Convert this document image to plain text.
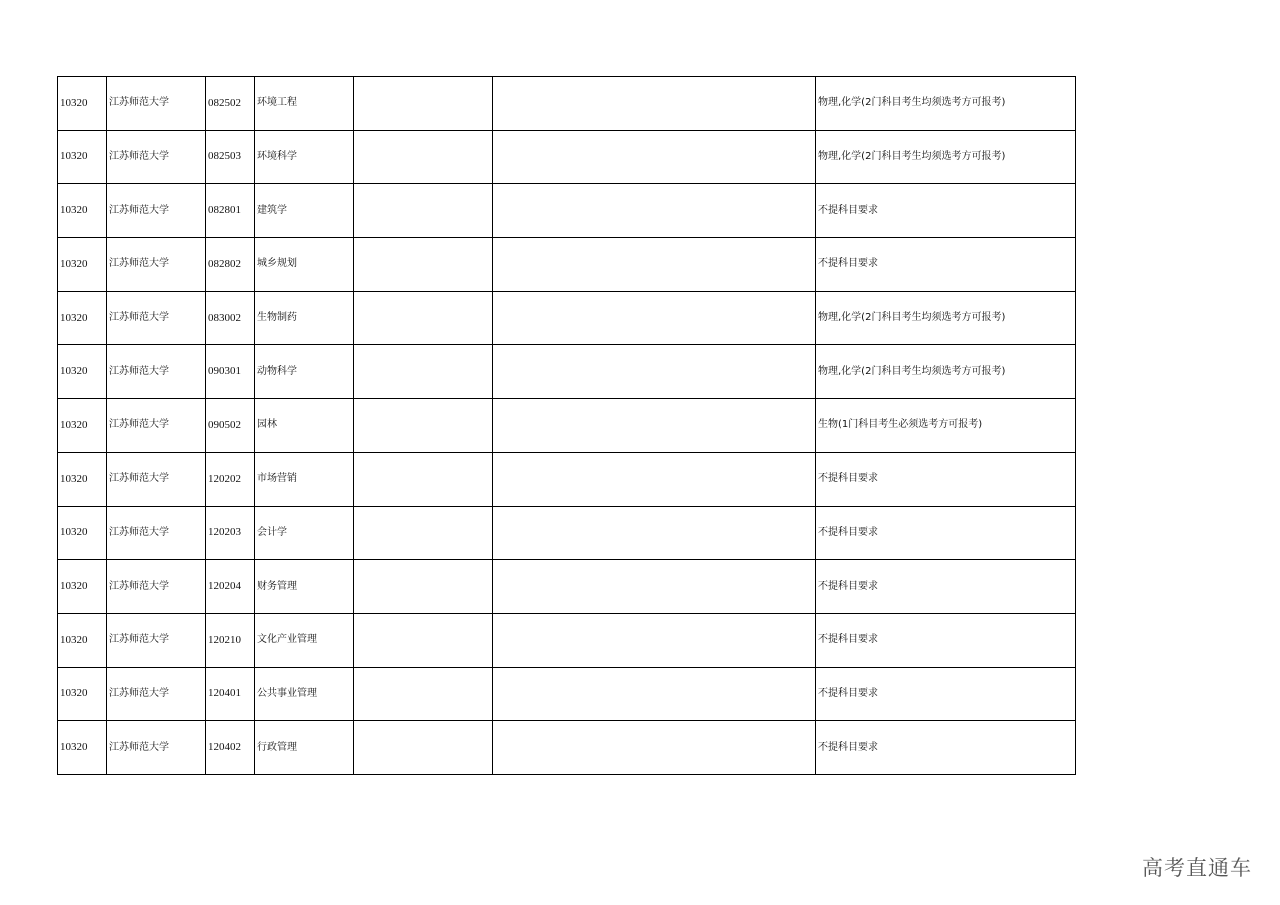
10320	江苏师范大学	082502	环境工程			物理,化学(2门科目考生均须选考方可报考)
10320	江苏师范大学	082503	环境科学			物理,化学(2门科目考生均须选考方可报考)
10320	江苏师范大学	082801	建筑学			不提科目要求
10320	江苏师范大学	082802	城乡规划			不提科目要求
10320	江苏师范大学	083002	生物制药			物理,化学(2门科目考生均须选考方可报考)
10320	江苏师范大学	090301	动物科学			物理,化学(2门科目考生均须选考方可报考)
10320	江苏师范大学	090502	园林			生物(1门科目考生必须选考方可报考)
10320	江苏师范大学	120202	市场营销			不提科目要求
10320	江苏师范大学	120203	会计学			不提科目要求
10320	江苏师范大学	120204	财务管理			不提科目要求
10320	江苏师范大学	120210	文化产业管理			不提科目要求
10320	江苏师范大学	120401	公共事业管理			不提科目要求
10320	江苏师范大学	120402	行政管理			不提科目要求
高考直通车
